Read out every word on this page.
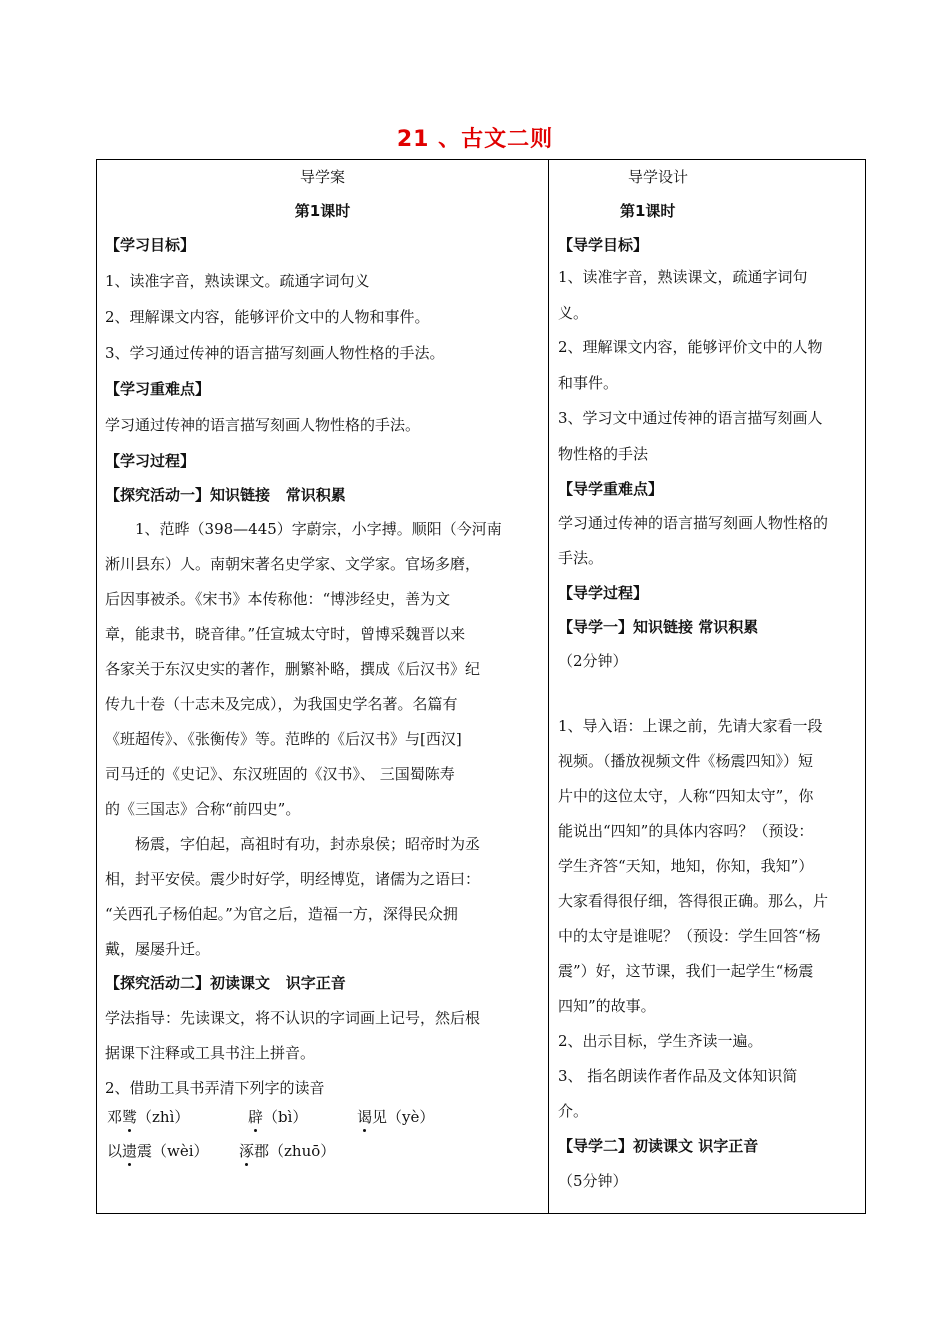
21 、古文二则
导学案
第1课时
【学习目标】
1、读准字音，熟读课文。疏通字词句义
2、理解课文内容，能够评价文中的人物和事件。
3、学习通过传神的语言描写刻画人物性格的手法。
【学习重难点】
学习通过传神的语言描写刻画人物性格的手法。
【学习过程】
【探究活动一】知识链接 常识积累
1、范晔（398—445）字蔚宗，小字搏。顺阳（今河南
淅川县东）人。南朝宋著名史学家、文学家。官场多磨，
后因事被杀。《宋书》本传称他：“博涉经史，善为文
章，能隶书，晓音律。”任宣城太守时，曾博采魏晋以来
各家关于东汉史实的著作，删繁补略，撰成《后汉书》纪
传九十卷（十志未及完成），为我国史学名著。名篇有
《班超传》、《张衡传》等。范晔的《后汉书》与[西汉]
司马迁的《史记》、东汉班固的《汉书》、 三国蜀陈寿
的《三国志》合称“前四史”。
杨震，字伯起，高祖时有功，封赤泉侯；昭帝时为丞
相，封平安侯。震少时好学，明经博览，诸儒为之语曰：
“关西孔子杨伯起。”为官之后，造福一方，深得民众拥
戴，屡屡升迁。
【探究活动二】初读课文 识字正音
学法指导：先读课文，将不认识的字词画上记号，然后根
据课下注释或工具书注上拼音。
2、借助工具书弄清下列字的读音
邓骘（zhì）	辟（bì）	谒见（yè）
以遗震（wèi） 涿郡（zhuō）
导学设计
第1课时
【导学目标】
1、读准字音，熟读课文，疏通字词句
义。
2、理解课文内容，能够评价文中的人物
和事件。
3、学习文中通过传神的语言描写刻画人
物性格的手法
【导学重难点】
学习通过传神的语言描写刻画人物性格的
手法。
【导学过程】
【导学一】知识链接 常识积累
（2分钟）
1、导入语：上课之前，先请大家看一段
视频。（播放视频文件《杨震四知》）短
片中的这位太守，人称“四知太守”，你
能说出“四知”的具体内容吗？（预设：
学生齐答“天知，地知，你知，我知”）
大家看得很仔细，答得很正确。那么，片
中的太守是谁呢？（预设：学生回答“杨
震”）好，这节课，我们一起学生“杨震
四知”的故事。
2、出示目标，学生齐读一遍。
3、 指名朗读作者作品及文体知识简
介。
【导学二】初读课文 识字正音
（5分钟）
